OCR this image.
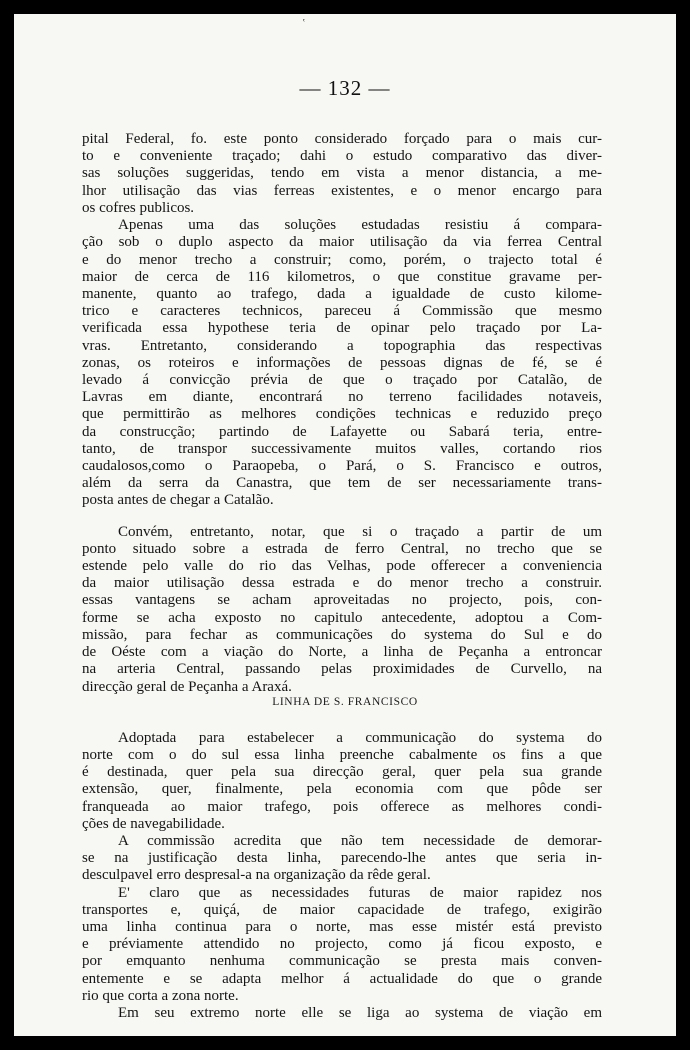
ʽ
— 132 —
pital Federal, fo. este ponto considerado forçado para o mais cur-
to e conveniente traçado; dahi o estudo comparativo das diver-
sas soluções suggeridas, tendo em vista a menor distancia, a me-
lhor utilisação das vias ferreas existentes, e o menor encargo para
os cofres publicos.
Apenas uma das soluções estudadas resistiu á compara-
ção sob o duplo aspecto da maior utilisação da via ferrea Central
e do menor trecho a construir; como, porém, o trajecto total é
maior de cerca de 116 kilometros, o que constitue gravame per-
manente, quanto ao trafego, dada a igualdade de custo kilome-
trico e caracteres technicos, pareceu á Commissão que mesmo
verificada essa hypothese teria de opinar pelo traçado por La-
vras. Entretanto, considerando a topographia das respectivas
zonas, os roteiros e informações de pessoas dignas de fé, se é
levado á convicção prévia de que o traçado por Catalão, de
Lavras em diante, encontrará no terreno facilidades notaveis,
que permittirão as melhores condições technicas e reduzido preço
da construcção; partindo de Lafayette ou Sabará teria, entre-
tanto, de transpor successivamente muitos valles, cortando rios
caudalosos,como o Paraopeba, o Pará, o S. Francisco e outros,
além da serra da Canastra, que tem de ser necessariamente trans-
posta antes de chegar a Catalão.
Convém, entretanto, notar, que si o traçado a partir de um
ponto situado sobre a estrada de ferro Central, no trecho que se
estende pelo valle do rio das Velhas, pode offerecer a conveniencia
da maior utilisação dessa estrada e do menor trecho a construir.
essas vantagens se acham aproveitadas no projecto, pois, con-
forme se acha exposto no capitulo antecedente, adoptou a Com-
missão, para fechar as communicações do systema do Sul e do
de Oéste com a viação do Norte, a linha de Peçanha a entroncar
na arteria Central, passando pelas proximidades de Curvello, na
direcção geral de Peçanha a Araxá.
LINHA DE S. FRANCISCO
Adoptada para estabelecer a communicação do systema do
norte com o do sul essa linha preenche cabalmente os fins a que
é destinada, quer pela sua direcção geral, quer pela sua grande
extensão, quer, finalmente, pela economia com que pôde ser
franqueada ao maior trafego, pois offerece as melhores condi-
ções de navegabilidade.
A commissão acredita que não tem necessidade de demorar-
se na justificação desta linha, parecendo-lhe antes que seria in-
desculpavel erro despresal-a na organização da rêde geral.
E' claro que as necessidades futuras de maior rapidez nos
transportes e, quiçá, de maior capacidade de trafego, exigirão
uma linha continua para o norte, mas esse mistér está previsto
e préviamente attendido no projecto, como já ficou exposto, e
por emquanto nenhuma communicação se presta mais conven-
entemente e se adapta melhor á actualidade do que o grande
rio que corta a zona norte.
Em seu extremo norte elle se liga ao systema de viação em
